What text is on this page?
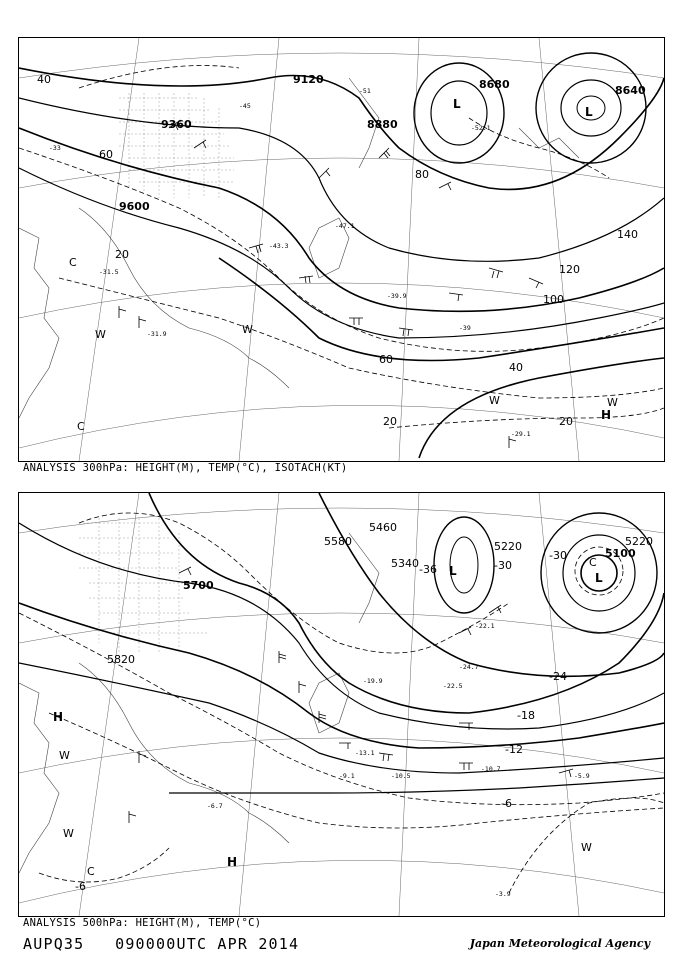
9120
9360
9600
8880
8640
8680
40
40
60
60
80
100
120
140
20
20	20
-31.9
-31.5
-29.1
-39.9
-43.3
-47.1
-52.1
-45
-51
-33
-39
L
L
H
W	W
W
C
C
W
ANALYSIS 300hPa: HEIGHT(M), TEMP(°C), ISOTACH(KT)
5700
5820
5580
5460
5340
5220
5100
5220
-24
-18
-12
-6
-30
-36
-30
-6
-13.1
-10.5
-10.7
-5.9
-3.9
-6.7
-9.1
-19.9
-22.5
-22.1
-24.7
L	L
H
H
W
W
C
C
W
ANALYSIS 500hPa: HEIGHT(M), TEMP(°C)
AUPQ35 090000UTC APR 2014	Japan Meteorological Agency
